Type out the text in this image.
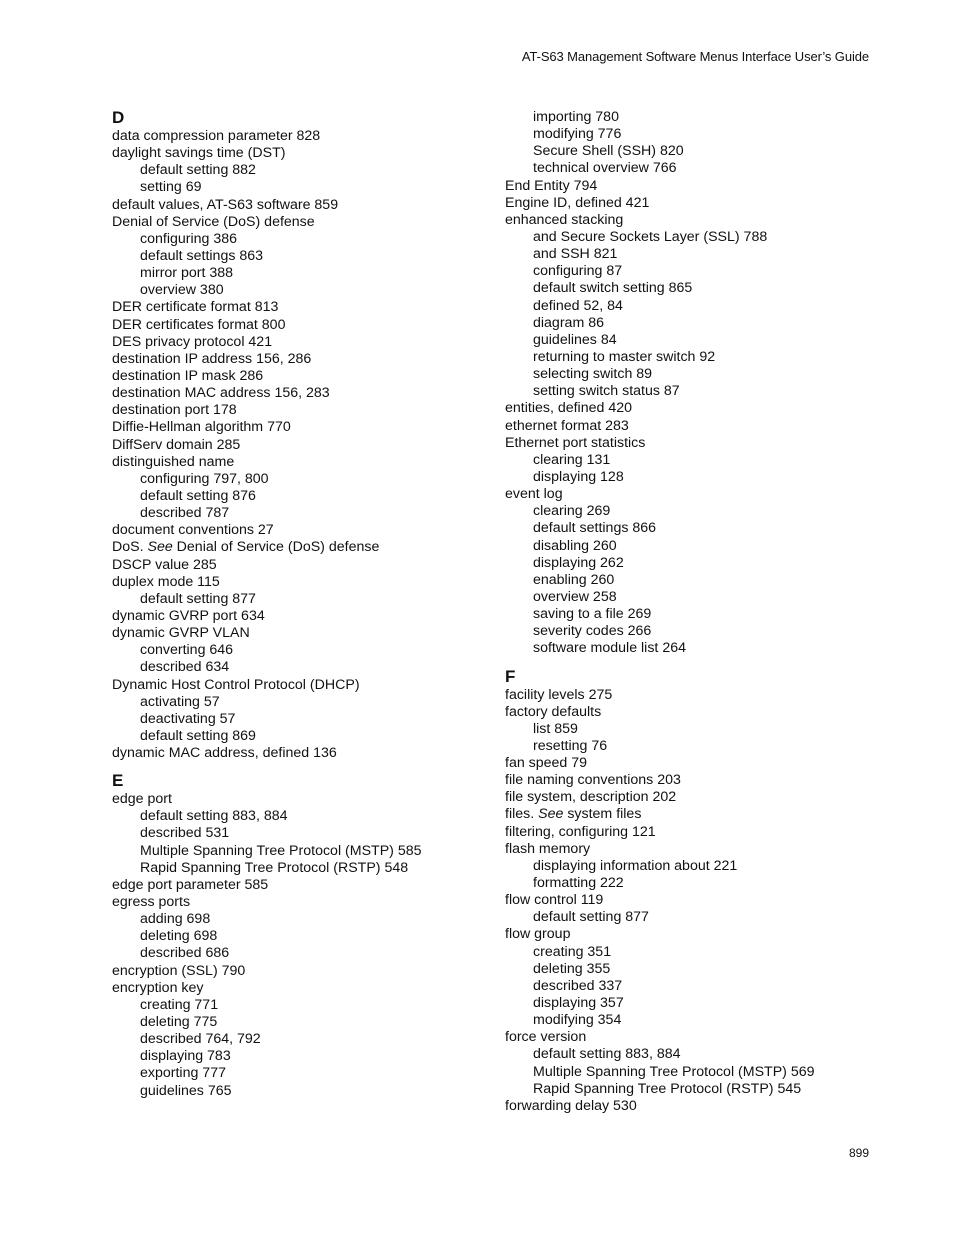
AT-S63 Management Software Menus Interface User’s Guide
D
data compression parameter 828
daylight savings time (DST)
default setting 882
setting 69
default values, AT-S63 software 859
Denial of Service (DoS) defense
configuring 386
default settings 863
mirror port 388
overview 380
DER certificate format 813
DER certificates format 800
DES privacy protocol 421
destination IP address 156, 286
destination IP mask 286
destination MAC address 156, 283
destination port 178
Diffie-Hellman algorithm 770
DiffServ domain 285
distinguished name
configuring 797, 800
default setting 876
described 787
document conventions 27
DoS. See Denial of Service (DoS) defense
DSCP value 285
duplex mode 115
default setting 877
dynamic GVRP port 634
dynamic GVRP VLAN
converting 646
described 634
Dynamic Host Control Protocol (DHCP)
activating 57
deactivating 57
default setting 869
dynamic MAC address, defined 136
E
edge port
default setting 883, 884
described 531
Multiple Spanning Tree Protocol (MSTP) 585
Rapid Spanning Tree Protocol (RSTP) 548
edge port parameter 585
egress ports
adding 698
deleting 698
described 686
encryption (SSL) 790
encryption key
creating 771
deleting 775
described 764, 792
displaying 783
exporting 777
guidelines 765
importing 780
modifying 776
Secure Shell (SSH) 820
technical overview 766
End Entity 794
Engine ID, defined 421
enhanced stacking
and Secure Sockets Layer (SSL) 788
and SSH 821
configuring 87
default switch setting 865
defined 52, 84
diagram 86
guidelines 84
returning to master switch 92
selecting switch 89
setting switch status 87
entities, defined 420
ethernet format 283
Ethernet port statistics
clearing 131
displaying 128
event log
clearing 269
default settings 866
disabling 260
displaying 262
enabling 260
overview 258
saving to a file 269
severity codes 266
software module list 264
F
facility levels 275
factory defaults
list 859
resetting 76
fan speed 79
file naming conventions 203
file system, description 202
files. See system files
filtering, configuring 121
flash memory
displaying information about 221
formatting 222
flow control 119
default setting 877
flow group
creating 351
deleting 355
described 337
displaying 357
modifying 354
force version
default setting 883, 884
Multiple Spanning Tree Protocol (MSTP) 569
Rapid Spanning Tree Protocol (RSTP) 545
forwarding delay 530
899
